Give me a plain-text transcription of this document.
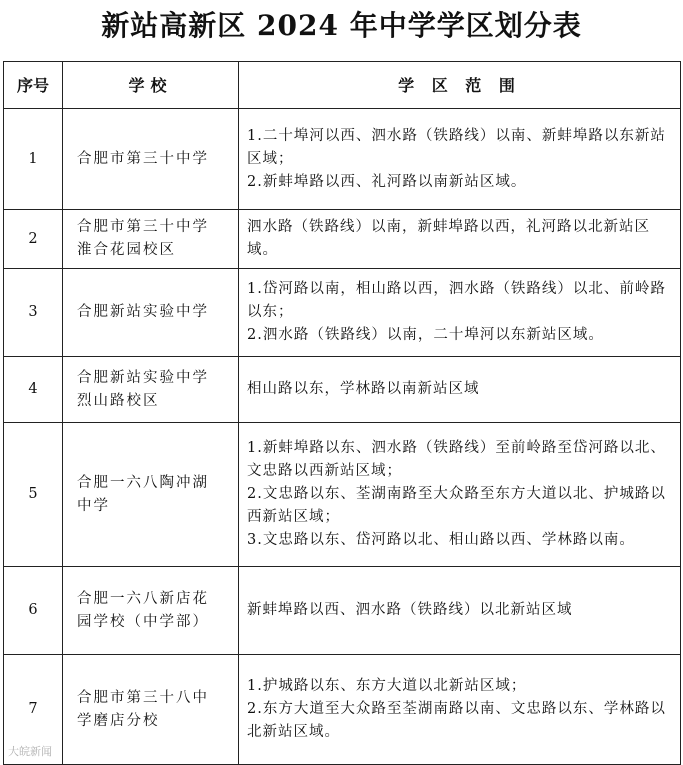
新站高新区 2024 年中学学区划分表
序号	学校	学 区 范 围
1	合肥市第三十中学	1.二十埠河以西、泗水路（铁路线）以南、新蚌埠路以东新站区域；
2.新蚌埠路以西、礼河路以南新站区域。

2	合肥市第三十中学
淮合花园校区	泗水路（铁路线）以南，新蚌埠路以西，礼河路以北新站区域。

3	合肥新站实验中学	1.岱河路以南，相山路以西，泗水路（铁路线）以北、前岭路以东；
2.泗水路（铁路线）以南，二十埠河以东新站区域。

4	合肥新站实验中学
烈山路校区	相山路以东，学林路以南新站区域

5	合肥一六八陶冲湖
中学	1.新蚌埠路以东、泗水路（铁路线）至前岭路至岱河路以北、文忠路以西新站区域；
2.文忠路以东、荃湖南路至大众路至东方大道以北、护城路以西新站区域；
3.文忠路以东、岱河路以北、相山路以西、学林路以南。

6	合肥一六八新店花
园学校（中学部）	新蚌埠路以西、泗水路（铁路线）以北新站区域

7	合肥市第三十八中
学磨店分校	1.护城路以东、东方大道以北新站区域；
2.东方大道至大众路至荃湖南路以南、文忠路以东、学林路以北新站区域。
大皖新闻
